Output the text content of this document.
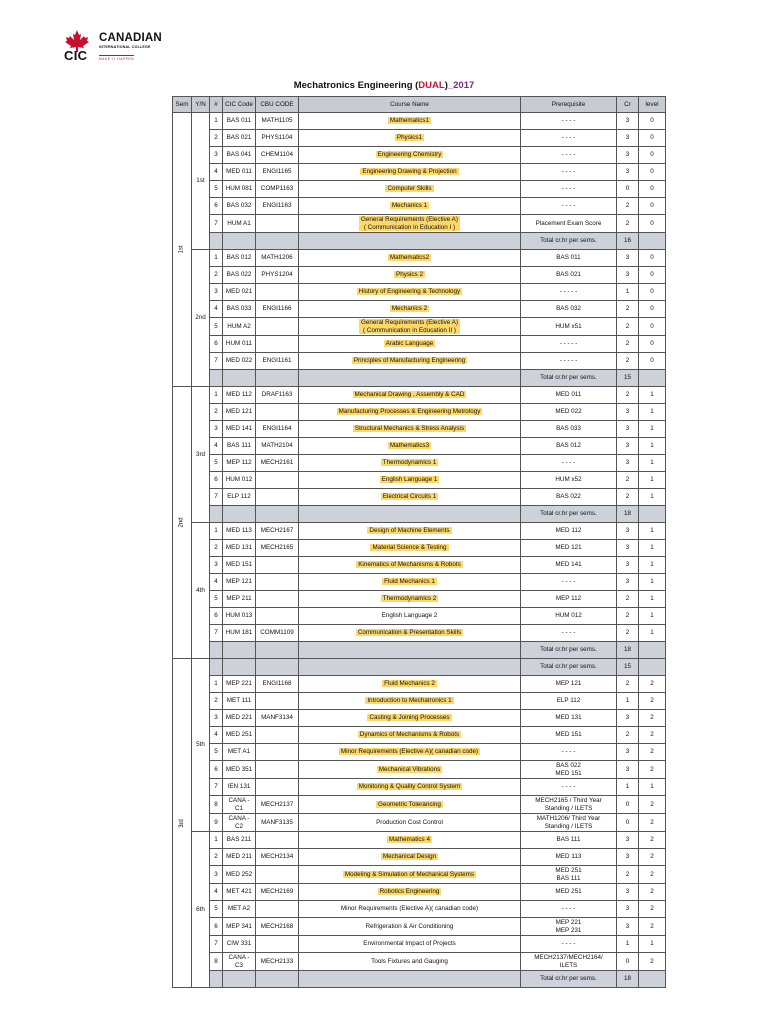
CIC
CANADIAN
INTERNATIONAL COLLEGE
MAKE IT HAPPEN
Mechatronics Engineering (DUAL)_2017
Sem	Y/N	#	CIC Code	CBU CODE	Course Name	Prerequisite	Cr	level
1st	1st	1	BAS 011	MATH1105	Mathematics1	- - - -	3	0
		2	BAS 021	PHYS1104	Physics1	- - - -	3	0
		3	BAS 041	CHEM1104	Engineering Chemistry	- - - -	3	0
		4	MED 011	ENGI1165	Engineering Drawing & Projection	- - - -	3	0
		5	HUM 081	COMP1163	Computer Skills	- - - -	0	0
		6	BAS 032	ENGI1163	Mechanics 1	- - - -	2	0
		7	HUM A1		General Requirements (Elective A)
( Communication in Education I )	Placement Exam Score	2	0
						Total cr.hr per sems.	16	
	2nd	1	BAS 012	MATH1206	Mathematics2	BAS 011	3	0
		2	BAS 022	PHYS1204	Physics 2	BAS 021	3	0
		3	MED 021		History of Engineering & Technology	- - - - -	1	0
		4	BAS 033	ENGI1166	Mechanics 2	BAS 032	2	0
		5	HUM A2		General Requirements (Elective A)
( Communication in Education II )	HUM x51	2	0
		6	HUM 011		Arabic Language	- - - - -	2	0
		7	MED 022	ENGI1161	Principles of Manufacturing Engineering	- - - - -	2	0
						Total cr.hr per sems.	15	
2nd	3rd	1	MED 112	DRAF1163	Mechanical Drawing , Assembly & CAD	MED 011	2	1
		2	MED 121		Manufacturing Processes & Engineering Metrology	MED 022	3	1
		3	MED 141	ENGI1164	Structural Mechanics & Stress Analysis	BAS 033	3	1
		4	BAS 111	MATH2104	Mathematics3	BAS 012	3	1
		5	MEP 112	MECH2161	Thermodynamics 1	- - - -	3	1
		6	HUM 012		English Language 1	HUM x52	2	1
		7	ELP 112		Electrical Circuits 1	BAS 022	2	1
						Total cr.hr per sems.	18	
	4th	1	MED 113	MECH2167	Design of Machine Elements	MED 112	3	1
		2	MED 131	MECH2165	Material Science & Testing	MED 121	3	1
		3	MED 151		Kinematics of Mechanisms & Robots	MED 141	3	1
		4	MEP 121		Fluid Mechanics 1	- - - -	3	1
		5	MEP 211		Thermodynamics 2	MEP 112	2	1
		6	HUM 013		English Language 2	HUM 012	2	1
		7	HUM 181	COMM1109	Communication & Presentation Skills	- - - -	2	1
						Total cr.hr per sems.	18	
3rd	5th					Total cr.hr per sems.	15	
		1	MEP 221	ENGI1168	Fluid Mechanics 2	MEP 121	2	2
		2	MET 111		Introduction to Mechatronics 1	ELP 112	1	2
		3	MED 221	MANF3134	Casting & Joining Processes	MED 131	3	2
		4	MED 251		Dynamics of Mechanisms & Robots	MED 151	2	2
		5	MET A1		Minor Requirements (Elective A)( canadian code)	- - - -	3	2
		6	MED 351		Mechanical Vibrations	BAS 022
MED 151	3	2
		7	IEN 131		Monitoring & Quality Control System	- - - -	1	1
		8	CANA - C1	MECH2137	Geometric Tolerancing	MECH2165 / Third Year
Standing / ILETS	0	2
		9	CANA - C2	MANF3135	Production Cost Control	MATH1206/ Third Year
Standing / ILETS	0	2
	6th	1	BAS 211		Mathematics 4	BAS 111	3	2
		2	MED 211	MECH2134	Mechanical Design	MED 113	3	2
		3	MED 252		Modeling & Simulation of Mechanical Systems	MED 251
BAS 111	2	2
		4	MET 421	MECH2169	Robotics Engineering	MED 251	3	2
		5	MET A2		Minor Requirements (Elective A)( canadian code)	- - - -	3	2
		6	MEP 341	MECH2168	Refrigeration & Air Conditioning	MEP 221
MEP 231	3	2
		7	CIW 331		Environmental Impact of Projects	- - - -	1	1
		8	CANA - C3	MECH2133	Tools Fixtures and Gauging	MECH2137/MECH2164/
ILETS	0	2
						Total cr.hr per sems.	18	
